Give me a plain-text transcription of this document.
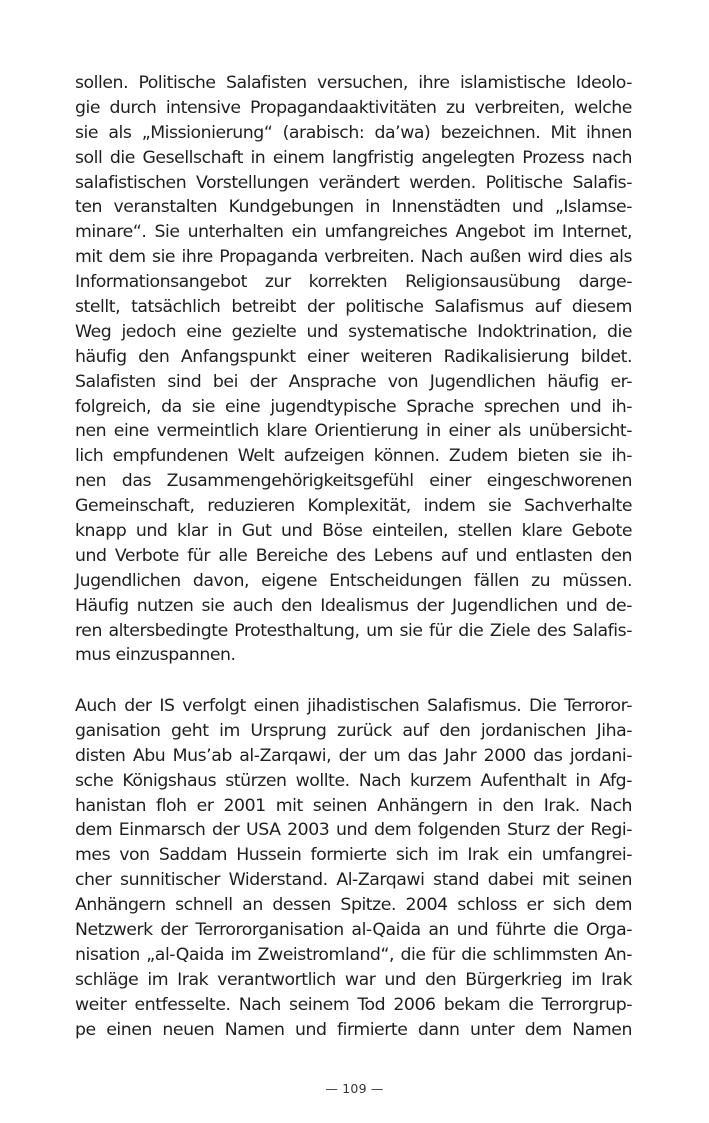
sollen. Politische Salafisten versuchen, ihre islamistische Ideolo-
gie durch intensive Propagandaaktivitäten zu verbreiten, welche
sie als „Missionierung“ (arabisch: da’wa) bezeichnen. Mit ihnen
soll die Gesellschaft in einem langfristig angelegten Prozess nach
salafistischen Vorstellungen verändert werden. Politische Salafis-
ten veranstalten Kundgebungen in Innenstädten und „Islamse-
minare“. Sie unterhalten ein umfangreiches Angebot im Internet,
mit dem sie ihre Propaganda verbreiten. Nach außen wird dies als
Informationsangebot zur korrekten Religionsausübung darge-
stellt, tatsächlich betreibt der politische Salafismus auf diesem
Weg jedoch eine gezielte und systematische Indoktrination, die
häufig den Anfangspunkt einer weiteren Radikalisierung bildet.
Salafisten sind bei der Ansprache von Jugendlichen häufig er-
folgreich, da sie eine jugendtypische Sprache sprechen und ih-
nen eine vermeintlich klare Orientierung in einer als unübersicht-
lich empfundenen Welt aufzeigen können. Zudem bieten sie ih-
nen das Zusammengehörigkeitsgefühl einer eingeschworenen
Gemeinschaft, reduzieren Komplexität, indem sie Sachverhalte
knapp und klar in Gut und Böse einteilen, stellen klare Gebote
und Verbote für alle Bereiche des Lebens auf und entlasten den
Jugendlichen davon, eigene Entscheidungen fällen zu müssen.
Häufig nutzen sie auch den Idealismus der Jugendlichen und de-
ren altersbedingte Protesthaltung, um sie für die Ziele des Salafis-
mus einzuspannen.
Auch der IS verfolgt einen jihadistischen Salafismus. Die Terroror-
ganisation geht im Ursprung zurück auf den jordanischen Jiha-
disten Abu Mus’ab al-Zarqawi, der um das Jahr 2000 das jordani-
sche Königshaus stürzen wollte. Nach kurzem Aufenthalt in Afg-
hanistan floh er 2001 mit seinen Anhängern in den Irak. Nach
dem Einmarsch der USA 2003 und dem folgenden Sturz der Regi-
mes von Saddam Hussein formierte sich im Irak ein umfangrei-
cher sunnitischer Widerstand. Al-Zarqawi stand dabei mit seinen
Anhängern schnell an dessen Spitze. 2004 schloss er sich dem
Netzwerk der Terrororganisation al-Qaida an und führte die Orga-
nisation „al-Qaida im Zweistromland“, die für die schlimmsten An-
schläge im Irak verantwortlich war und den Bürgerkrieg im Irak
weiter entfesselte. Nach seinem Tod 2006 bekam die Terrorgrup-
pe einen neuen Namen und firmierte dann unter dem Namen
— 109 —
